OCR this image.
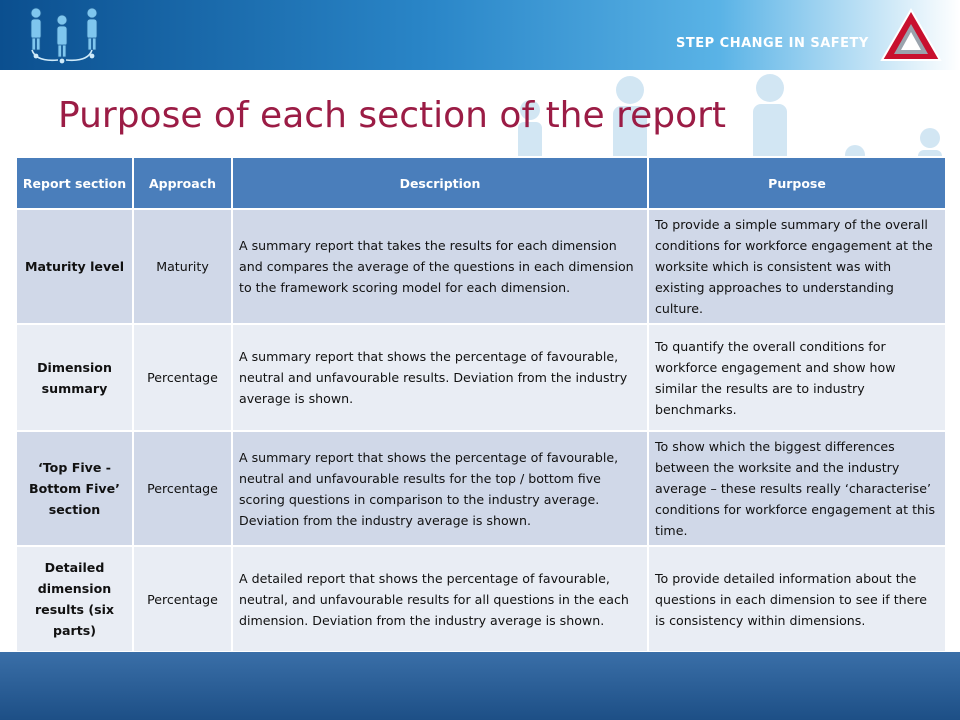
STEP CHANGE IN SAFETY
Purpose of each section of the report
Report section	Approach	Description	Purpose
Maturity level	Maturity	A summary report that takes the results for each dimension and compares the average of the questions in each dimension to the framework scoring model for each dimension.	To provide a simple summary of the overall conditions for workforce engagement at the worksite which is consistent was with existing approaches to understanding culture.
Dimension summary	Percentage	A summary report that shows the percentage of favourable, neutral and unfavourable results. Deviation from the industry average is shown.	To quantify the overall conditions for workforce engagement and show how similar the results are to industry benchmarks.
‘Top Five - Bottom Five’ section	Percentage	A summary report that shows the percentage of favourable, neutral and unfavourable results for the top / bottom five scoring questions in comparison to the industry average. Deviation from the industry average is shown.	To show which the biggest differences between the worksite and the industry average – these results really ‘characterise’ conditions for workforce engagement at this time.
Detailed dimension results (six parts)	Percentage	A detailed report that shows the percentage of favourable, neutral, and unfavourable results for all questions in the each dimension. Deviation from the industry average is shown.	To provide detailed information about the questions in each dimension to see if there is consistency within dimensions.
